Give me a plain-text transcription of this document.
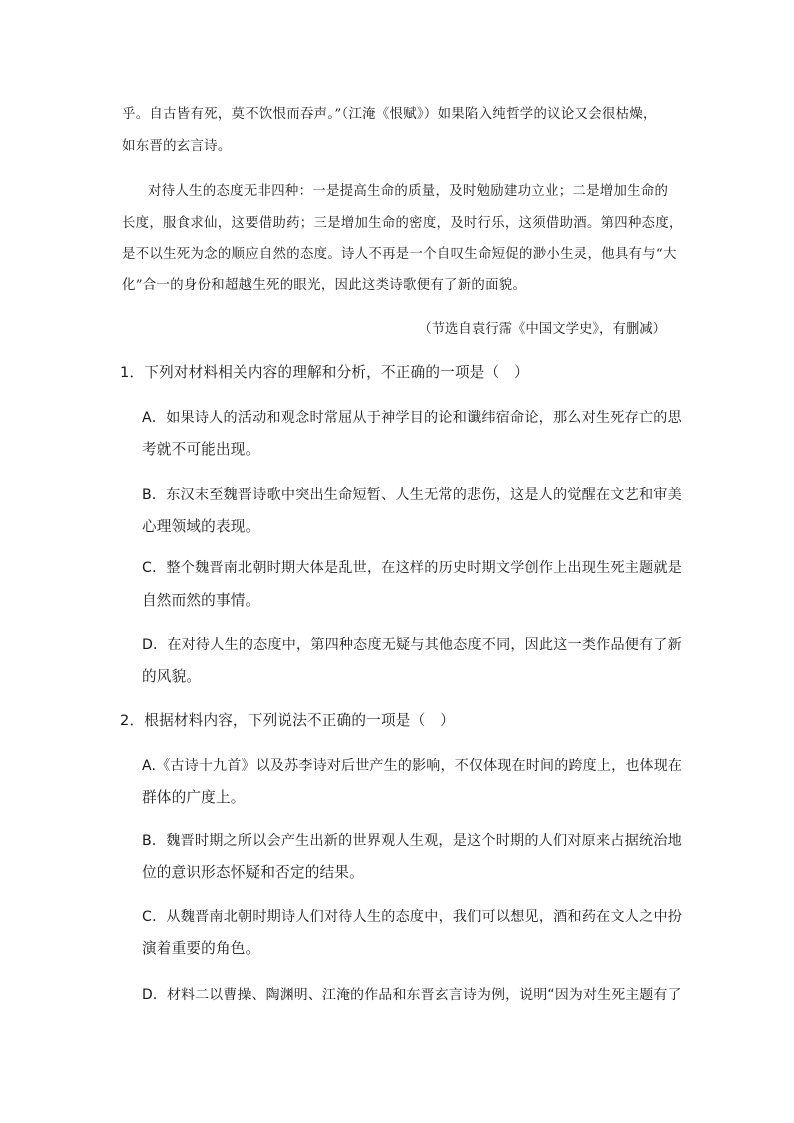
乎。自古皆有死，莫不饮恨而吞声。”（江淹《恨赋》）如果陷入纯哲学的议论又会很枯燥，
如东晋的玄言诗。
对待人生的态度无非四种：一是提高生命的质量，及时勉励建功立业；二是增加生命的
长度，服食求仙，这要借助药；三是增加生命的密度，及时行乐，这须借助酒。第四种态度，
是不以生死为念的顺应自然的态度。诗人不再是一个自叹生命短促的渺小生灵，他具有与“大
化”合一的身份和超越生死的眼光，因此这类诗歌便有了新的面貌。
（节选自袁行霈《中国文学史》，有删减）
1．下列对材料相关内容的理解和分析，不正确的一项是（　）
A．如果诗人的活动和观念时常屈从于神学目的论和谶纬宿命论，那么对生死存亡的思
考就不可能出现。
B．东汉末至魏晋诗歌中突出生命短暂、人生无常的悲伤，这是人的觉醒在文艺和审美
心理领域的表现。
C．整个魏晋南北朝时期大体是乱世，在这样的历史时期文学创作上出现生死主题就是
自然而然的事情。
D．在对待人生的态度中，第四种态度无疑与其他态度不同，因此这一类作品便有了新
的风貌。
2．根据材料内容，下列说法不正确的一项是（　）
A.《古诗十九首》以及苏李诗对后世产生的影响，不仅体现在时间的跨度上，也体现在
群体的广度上。
B．魏晋时期之所以会产生出新的世界观人生观，是这个时期的人们对原来占据统治地
位的意识形态怀疑和否定的结果。
C．从魏晋南北朝时期诗人们对待人生的态度中，我们可以想见，酒和药在文人之中扮
演着重要的角色。
D．材料二以曹操、陶渊明、江淹的作品和东晋玄言诗为例，说明“因为对生死主题有了
